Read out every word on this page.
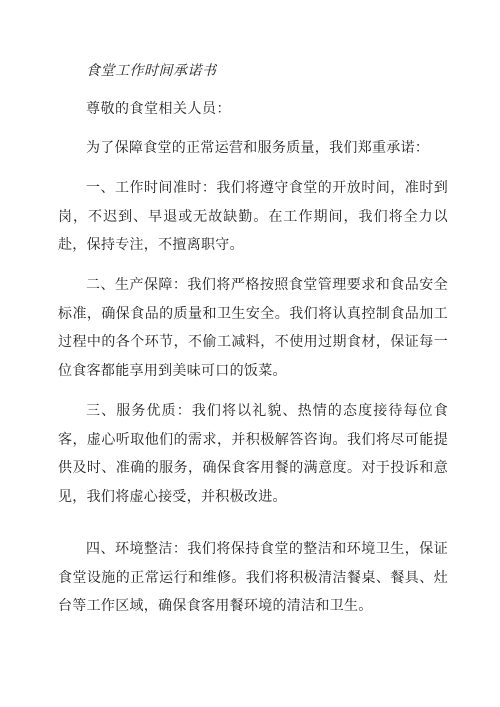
食堂工作时间承诺书
尊敬的食堂相关人员：

为了保障食堂的正常运营和服务质量，我们郑重承诺：

一、工作时间准时：我们将遵守食堂的开放时间，准时到岗，不迟到、早退或无故缺勤。在工作期间，我们将全力以赴，保持专注，不擅离职守。

二、生产保障：我们将严格按照食堂管理要求和食品安全标准，确保食品的质量和卫生安全。我们将认真控制食品加工过程中的各个环节，不偷工减料，不使用过期食材，保证每一位食客都能享用到美味可口的饭菜。

三、服务优质：我们将以礼貌、热情的态度接待每位食客，虚心听取他们的需求，并积极解答咨询。我们将尽可能提供及时、准确的服务，确保食客用餐的满意度。对于投诉和意见，我们将虚心接受，并积极改进。

四、环境整洁：我们将保持食堂的整洁和环境卫生，保证食堂设施的正常运行和维修。我们将积极清洁餐桌、餐具、灶台等工作区域，确保食客用餐环境的清洁和卫生。
